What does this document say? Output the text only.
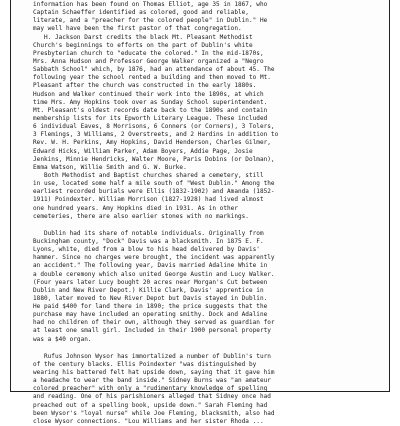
information has been found on Thomas Elliot, age 35 in 1867, who
Captain Schaeffer identified as colored, good and reliable,
literate, and a "preacher for the colored people" in Dublin." He
may well have been the first pastor of that congregation.
H. Jackson Darst credits the black Mt. Pleasant Methodist
Church's beginnings to efforts on the part of Dublin's white
Presbyterian church to "educate the colored." In the mid-1870s,
Mrs. Anna Hudson and Professor George Walker organized a "Negro
Sabbath School" which, by 1876, had an attendance of about 45. The
following year the school rented a building and then moved to Mt.
Pleasant after the church was constructed in the early 1880s.
Hudson and Walker continued their work into the 1890s, at which
time Mrs. Amy Hopkins took over as Sunday School superintendent.
Mt. Pleasant's oldest records date back to the 1890s and contain
membership lists for its Epworth Literary League. These included
6 individual Eaves, 8 Morrisons, 6 Conners (or Corners), 3 Tolers,
3 Flemings, 3 Williams, 2 Overstreets, and 2 Hardins in addition to
Rev. W. H. Perkins, Amy Hopkins, David Henderson, Charles Gilmer,
Edward Hicks, William Parker, Adam Boyers, Addie Page, Josie
Jenkins, Minnie Hendricks, Walter Moore, Paris Dobins (or Dolman),
Emma Watson, Willie Smith and G. W. Burke.
Both Methodist and Baptist churches shared a cemetery, still
in use, located some half a mile south of "West Dublin." Among the
earliest recorded burials were Ellis (1832-1902) and Amanda (1852-
1911) Poindexter. William Morrison (1827-1928) had lived almost
one hundred years. Amy Hopkins died in 1931. As in other
cemeteries, there are also earlier stones with no markings.
Dublin had its share of notable individuals. Originally from
Buckingham county, "Dock" Davis was a blacksmith. In 1875 E. F.
Lyons, white, died from a blow to his head delivered by Davis'
hammer. Since no charges were brought, the incident was apparently
an accident." The following year, Davis married Adaline White in
a double ceremony which also united George Austin and Lucy Walker.
(Four years later Lucy bought 20 acres near Morgan's Cut between
Dublin and New River Depot.) Killie Clark, Davis' apprentice in
1880, later moved to New River Depot but Davis stayed in Dublin.
He paid $400 for land there in 1890; the price suggests that the
purchase may have included an operating smithy. Dock and Adaline
had no children of their own, although they served as guardian for
at least one small girl. Included in their 1900 personal property
was a $40 organ.
Rufus Johnson Wysor has immortalized a number of Dublin's turn
of the century blacks. Ellis Poindexter "was distinguished by
wearing his battered felt hat upside down, saying that it gave him
a headache to wear the band inside." Sidney Burns was "an amateur
colored preacher" with only a "rudimentary knowledge of spelling
and reading. One of his parishioners alleged that Sidney once had
preached out of a spelling book, upside down." Sarah Fleming had
been Wysor's "loyal nurse" while Joe Fleming, blacksmith, also had
close Wysor connections. "Lou Williams and her sister Rhoda ...
